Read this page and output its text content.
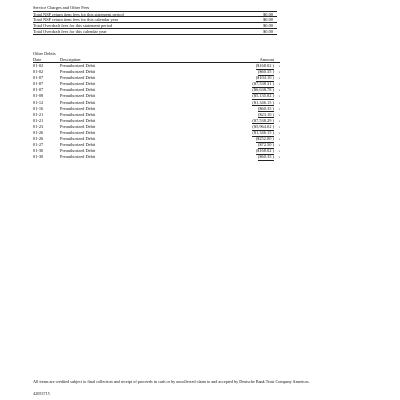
Service Charges and Other Fees
Total NSF return item fees for this statement period	$0.00
Total NSF return item fees for this calendar year	$0.00
Total Overdraft fees for this statement period	$0.00
Total Overdraft fees for this calendar year	$0.00
Other Debits
Date	Description	Amount
01-02	Preauthorized Debit	($168.02 ) ›
01-02	Preauthorized Debit	($60.35 ) ›
01-07	Preauthorized Debit	($104.10 ) ›
01-07	Preauthorized Debit	($7,538.31 ) ›
01-07	Preauthorized Debit	($6,638.78 ) ›
01-08	Preauthorized Debit	($5,135.02 ) ›
01-12	Preauthorized Debit	($1,346.15 ) ›
01-16	Preauthorized Debit	($60.35 ) ›
01-21	Preauthorized Debit	($23.10 ) ›
01-21	Preauthorized Debit	($7,538.29 ) ›
01-23	Preauthorized Debit	($5,964.02 ) ›
01-26	Preauthorized Debit	($1,346.15 ) ›
01-26	Preauthorized Debit	($252.00 ) ›
01-27	Preauthorized Debit	($72.50 ) ›
01-30	Preauthorized Debit	($168.02 ) ›
01-30	Preauthorized Debit	($60.35 ) ›
All items are credited subject to final collection and receipt of proceeds in cash or by uncollected claim to and accepted by Deutsche Bank Trust Company Americas.
42053715
